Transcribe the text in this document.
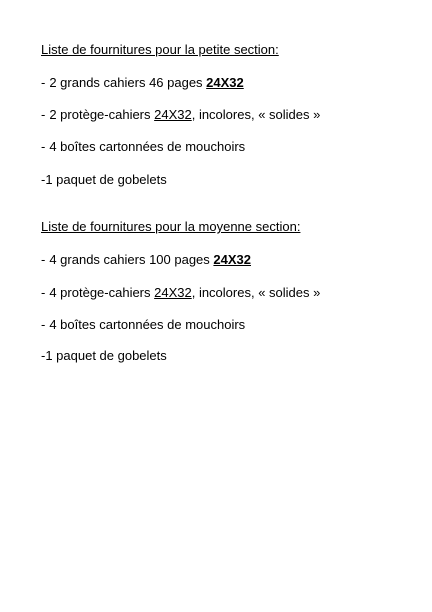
Liste de fournitures pour la petite section:
- 2 grands cahiers 46 pages 24X32
- 2 protège-cahiers 24X32, incolores, « solides »
- 4 boîtes cartonnées de mouchoirs
-1 paquet de gobelets
Liste de fournitures pour la moyenne section:
- 4 grands cahiers 100 pages 24X32
- 4 protège-cahiers 24X32, incolores, « solides »
- 4 boîtes cartonnées de mouchoirs
-1 paquet de gobelets
